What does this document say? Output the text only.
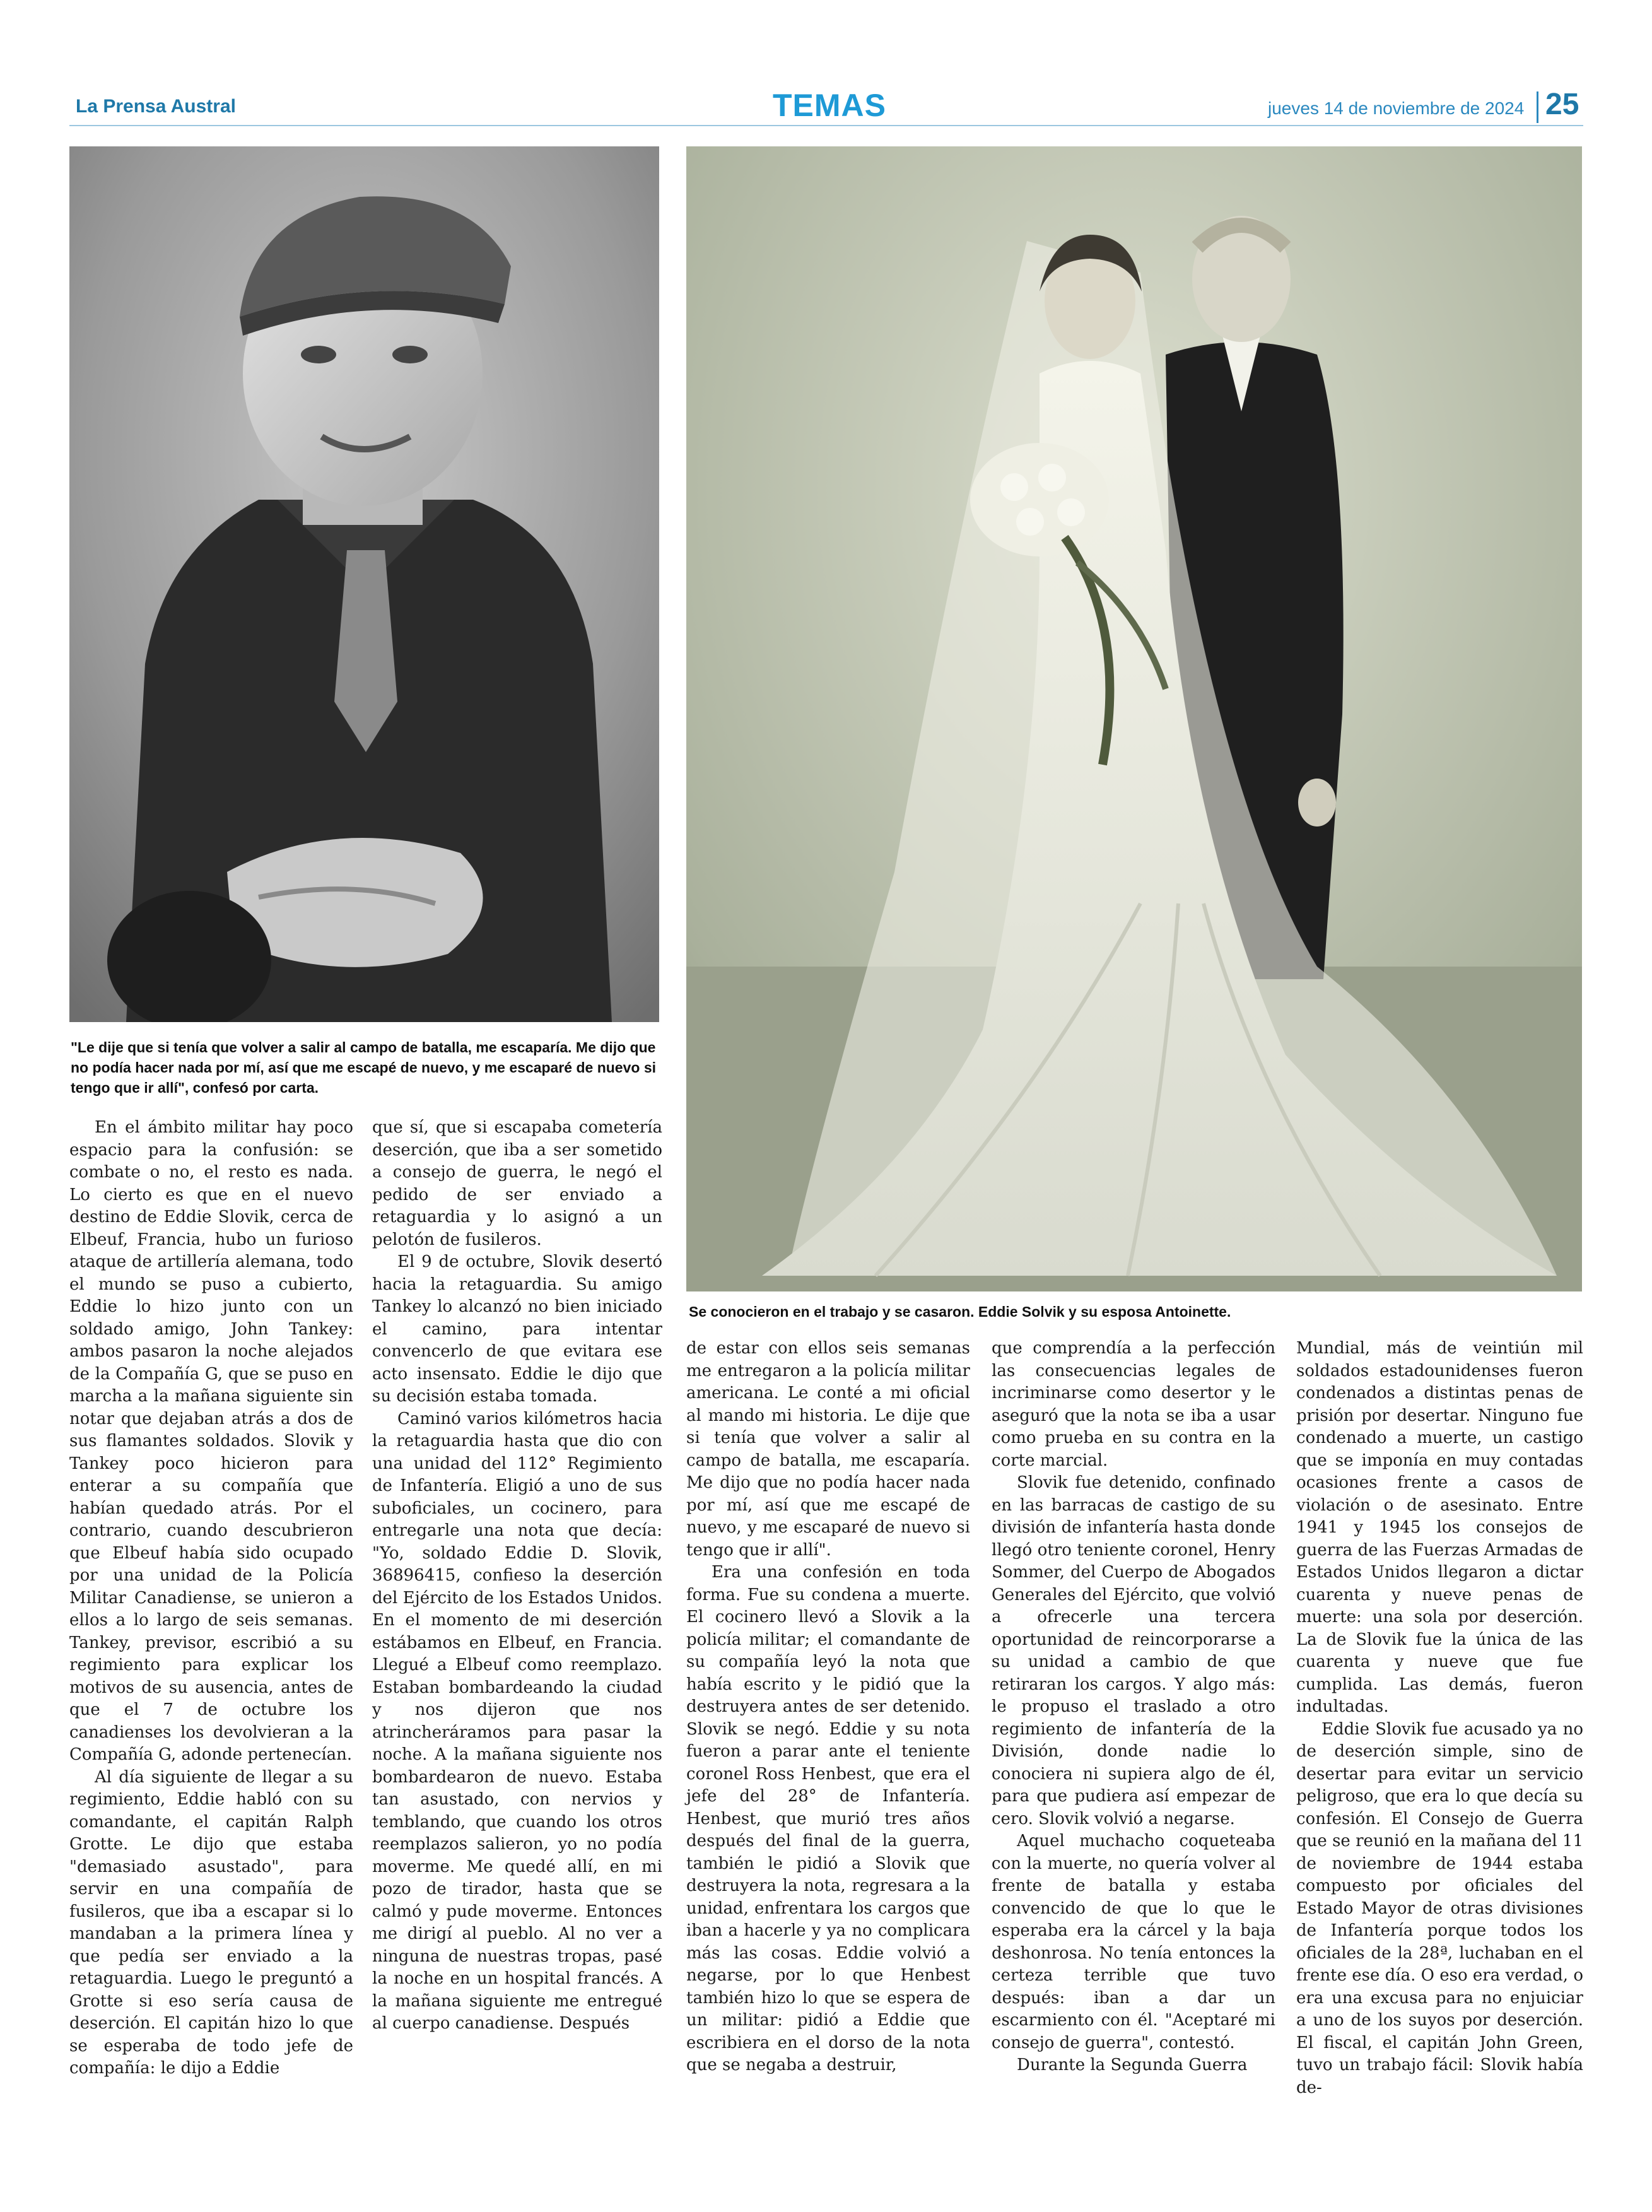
La Prensa Austral	TEMAS	jueves 14 de noviembre de 2024 25
"Le dije que si tenía que volver a salir al campo de batalla, me escaparía. Me dijo que no podía hacer nada por mí, así que me escapé de nuevo, y me escaparé de nuevo si tengo que ir allí", confesó por carta.
Se conocieron en el trabajo y se casaron. Eddie Solvik y su esposa Antoinette.

En el ámbito militar hay poco espacio para la confusión: se combate o no, el resto es nada. Lo cierto es que en el nuevo destino de Eddie Slovik, cerca de Elbeuf, Francia, hubo un furioso ataque de artillería alemana, todo el mundo se puso a cubierto, Eddie lo hizo junto con un soldado amigo, John Tankey: ambos pasaron la noche alejados de la Compañía G, que se puso en marcha a la mañana siguiente sin notar que dejaban atrás a dos de sus flamantes soldados. Slovik y Tankey poco hicieron para enterar a su compañía que habían quedado atrás. Por el contrario, cuando descubrieron que Elbeuf había sido ocupado por una unidad de la Policía Militar Canadiense, se unieron a ellos a lo largo de seis semanas. Tankey, previsor, escribió a su regimiento para explicar los motivos de su ausencia, antes de que el 7 de octubre los canadienses los devolvieran a la Compañía G, adonde pertenecían.

Al día siguiente de llegar a su regimiento, Eddie habló con su comandante, el capitán Ralph Grotte. Le dijo que estaba "demasiado asustado", para servir en una compañía de fusileros, que iba a escapar si lo mandaban a la primera línea y que pedía ser enviado a la retaguardia. Luego le preguntó a Grotte si eso sería causa de deserción. El capitán hizo lo que se esperaba de todo jefe de compañía: le dijo a Eddie

que sí, que si escapaba cometería deserción, que iba a ser sometido a consejo de guerra, le negó el pedido de ser enviado a retaguardia y lo asignó a un pelotón de fusileros.

El 9 de octubre, Slovik desertó hacia la retaguardia. Su amigo Tankey lo alcanzó no bien iniciado el camino, para intentar convencerlo de que evitara ese acto insensato. Eddie le dijo que su decisión estaba tomada.

Caminó varios kilómetros hacia la retaguardia hasta que dio con una unidad del 112° Regimiento de Infantería. Eligió a uno de sus suboficiales, un cocinero, para entregarle una nota que decía: "Yo, soldado Eddie D. Slovik, 36896415, confieso la deserción del Ejército de los Estados Unidos. En el momento de mi deserción estábamos en Elbeuf, en Francia. Llegué a Elbeuf como reemplazo. Estaban bombardeando la ciudad y nos dijeron que nos atrincheráramos para pasar la noche. A la mañana siguiente nos bombardearon de nuevo. Estaba tan asustado, con nervios y temblando, que cuando los otros reemplazos salieron, yo no podía moverme. Me quedé allí, en mi pozo de tirador, hasta que se calmó y pude moverme. Entonces me dirigí al pueblo. Al no ver a ninguna de nuestras tropas, pasé la noche en un hospital francés. A la mañana siguiente me entregué al cuerpo canadiense. Después

de estar con ellos seis semanas me entregaron a la policía militar americana. Le conté a mi oficial al mando mi historia. Le dije que si tenía que volver a salir al campo de batalla, me escaparía. Me dijo que no podía hacer nada por mí, así que me escapé de nuevo, y me escaparé de nuevo si tengo que ir allí".

Era una confesión en toda forma. Fue su condena a muerte. El cocinero llevó a Slovik a la policía militar; el comandante de su compañía leyó la nota que había escrito y le pidió que la destruyera antes de ser detenido. Slovik se negó. Eddie y su nota fueron a parar ante el teniente coronel Ross Henbest, que era el jefe del 28° de Infantería. Henbest, que murió tres años después del final de la guerra, también le pidió a Slovik que destruyera la nota, regresara a la unidad, enfrentara los cargos que iban a hacerle y ya no complicara más las cosas. Eddie volvió a negarse, por lo que Henbest también hizo lo que se espera de un militar: pidió a Eddie que escribiera en el dorso de la nota que se negaba a destruir,

que comprendía a la perfección las consecuencias legales de incriminarse como desertor y le aseguró que la nota se iba a usar como prueba en su contra en la corte marcial.

Slovik fue detenido, confinado en las barracas de castigo de su división de infantería hasta donde llegó otro teniente coronel, Henry Sommer, del Cuerpo de Abogados Generales del Ejército, que volvió a ofrecerle una tercera oportunidad de reincorporarse a su unidad a cambio de que retiraran los cargos. Y algo más: le propuso el traslado a otro regimiento de infantería de la División, donde nadie lo conociera ni supiera algo de él, para que pudiera así empezar de cero. Slovik volvió a negarse.

Aquel muchacho coqueteaba con la muerte, no quería volver al frente de batalla y estaba convencido de que lo que le esperaba era la cárcel y la baja deshonrosa. No tenía entonces la certeza terrible que tuvo después: iban a dar un escarmiento con él. "Aceptaré mi consejo de guerra", contestó.

Durante la Segunda Guerra

Mundial, más de veintiún mil soldados estadounidenses fueron condenados a distintas penas de prisión por desertar. Ninguno fue condenado a muerte, un castigo que se imponía en muy contadas ocasiones frente a casos de violación o de asesinato. Entre 1941 y 1945 los consejos de guerra de las Fuerzas Armadas de Estados Unidos llegaron a dictar cuarenta y nueve penas de muerte: una sola por deserción. La de Slovik fue la única de las cuarenta y nueve que fue cumplida. Las demás, fueron indultadas.

Eddie Slovik fue acusado ya no de deserción simple, sino de desertar para evitar un servicio peligroso, que era lo que decía su confesión. El Consejo de Guerra que se reunió en la mañana del 11 de noviembre de 1944 estaba compuesto por oficiales del Estado Mayor de otras divisiones de Infantería porque todos los oficiales de la 28ª, luchaban en el frente ese día. O eso era verdad, o era una excusa para no enjuiciar a uno de los suyos por deserción. El fiscal, el capitán John Green, tuvo un trabajo fácil: Slovik había de-
